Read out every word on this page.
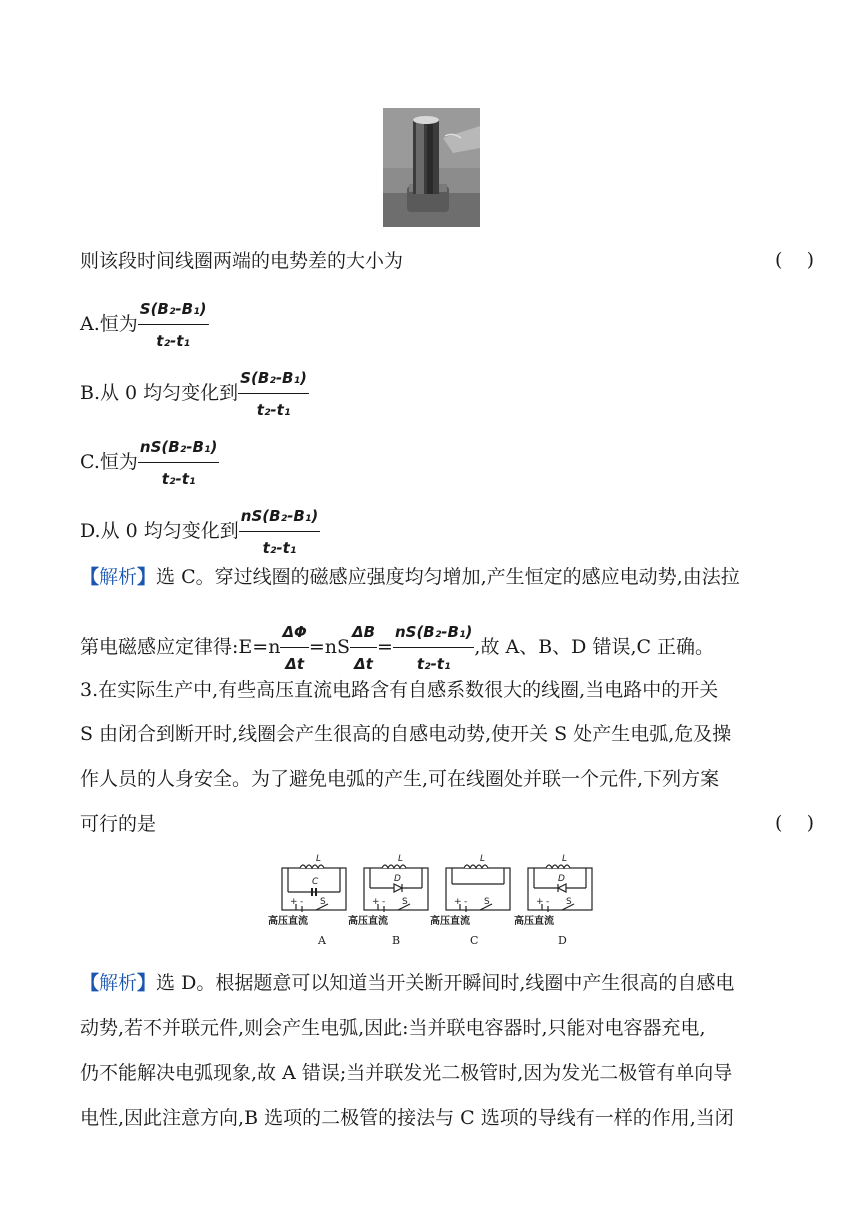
则该段时间线圈两端的电势差的大小为	(    )
A.恒为 $\frac{\text{S(B₂-B₁)}}{\text{t₂-t₁}}$
B.从 0 均匀变化到 $\frac{\text{S(B₂-B₁)}}{\text{t₂-t₁}}$
C.恒为 $\frac{\text{nS(B₂-B₁)}}{\text{t₂-t₁}}$
D.从 0 均匀变化到 $\frac{\text{nS(B₂-B₁)}}{\text{t₂-t₁}}$
【解析】选 C。穿过线圈的磁感应强度均匀增加,产生恒定的感应电动势,由法拉
第电磁感应定律得:E=n $\frac{\Delta\Phi}{\Delta t} =nS \frac{\Delta B}{\Delta t} = \frac{\text{nS(B₂-B₁)}}{\text{t₂-t₁}}$ ,故 A、B、D 错误,C 正确。
3.在实际生产中,有些高压直流电路含有自感系数很大的线圈,当电路中的开关
S 由闭合到断开时,线圈会产生很高的自感电动势,使开关 S 处产生电弧,危及操
作人员的人身安全。为了避免电弧的产生,可在线圈处并联一个元件,下列方案
可行的是	(    )
L
C
+ - S
高压直流
A
L
D
+ - S
高压直流
B
L
+ - S
高压直流
C
L
D
+ - S
高压直流
D
【解析】选 D。根据题意可以知道当开关断开瞬间时,线圈中产生很高的自感电
动势,若不并联元件,则会产生电弧,因此:当并联电容器时,只能对电容器充电,
仍不能解决电弧现象,故 A 错误;当并联发光二极管时,因为发光二极管有单向导
电性,因此注意方向,B 选项的二极管的接法与 C 选项的导线有一样的作用,当闭
